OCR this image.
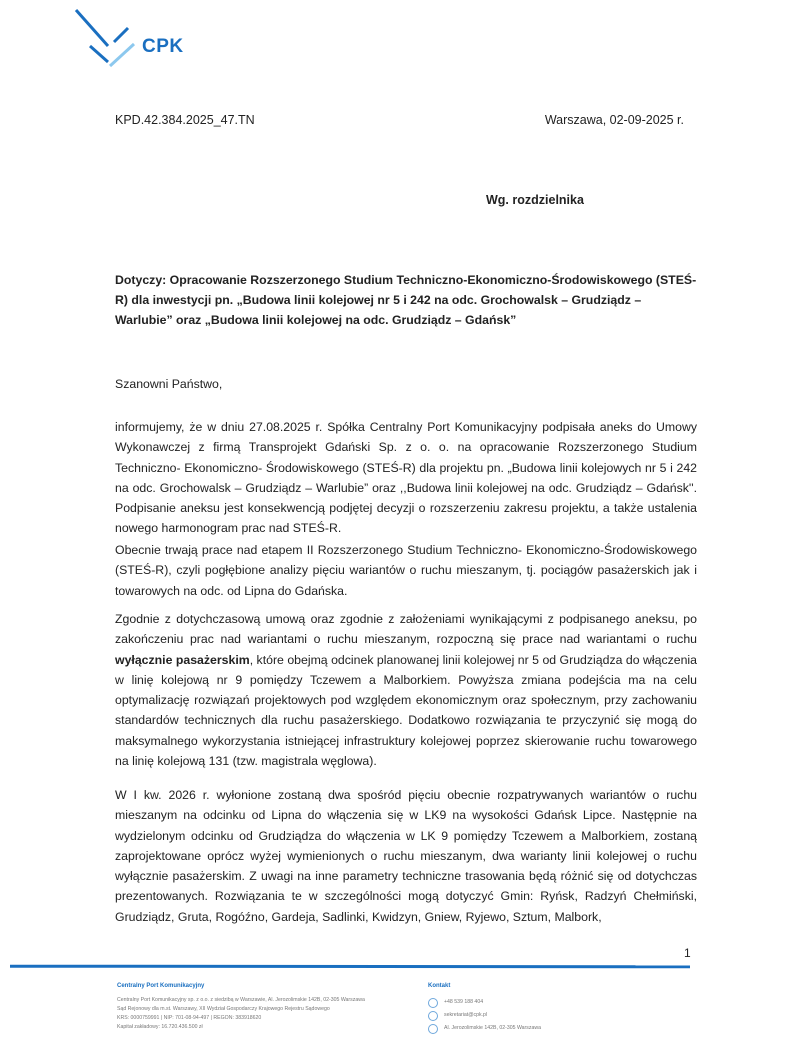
CPK
KPD.42.384.2025_47.TN	Warszawa, 02-09-2025 r.
Wg. rozdzielnika
Dotyczy: Opracowanie Rozszerzonego Studium Techniczno-Ekonomiczno-Środowiskowego (STEŚ-R) dla inwestycji pn. „Budowa linii kolejowej nr 5 i 242 na odc. Grochowalsk – Grudziądz – Warlubie” oraz „Budowa linii kolejowej na odc. Grudziądz – Gdańsk”
Szanowni Państwo,
informujemy, że w dniu 27.08.2025 r. Spółka Centralny Port Komunikacyjny podpisała aneks do Umowy Wykonawczej z firmą Transprojekt Gdański Sp. z o. o. na opracowanie Rozszerzonego Studium Techniczno- Ekonomiczno- Środowiskowego (STEŚ-R) dla projektu pn. „Budowa linii kolejowych nr 5 i 242 na odc. Grochowalsk – Grudziądz – Warlubie” oraz ,,Budowa linii kolejowej na odc. Grudziądz – Gdańsk''. Podpisanie aneksu jest konsekwencją podjętej decyzji o rozszerzeniu zakresu projektu, a także ustalenia nowego harmonogram prac nad STEŚ-R.
Obecnie trwają prace nad etapem II Rozszerzonego Studium Techniczno- Ekonomiczno-Środowiskowego (STEŚ-R), czyli pogłębione analizy pięciu wariantów o ruchu mieszanym, tj. pociągów pasażerskich jak i towarowych na odc. od Lipna do Gdańska.
Zgodnie z dotychczasową umową oraz zgodnie z założeniami wynikającymi z podpisanego aneksu, po zakończeniu prac nad wariantami o ruchu mieszanym, rozpoczną się prace nad wariantami o ruchu wyłącznie pasażerskim, które obejmą odcinek planowanej linii kolejowej nr 5 od Grudziądza do włączenia w linię kolejową nr 9 pomiędzy Tczewem a Malborkiem. Powyższa zmiana podejścia ma na celu optymalizację rozwiązań projektowych pod względem ekonomicznym oraz społecznym, przy zachowaniu standardów technicznych dla ruchu pasażerskiego. Dodatkowo rozwiązania te przyczynić się mogą do maksymalnego wykorzystania istniejącej infrastruktury kolejowej poprzez skierowanie ruchu towarowego na linię kolejową 131 (tzw. magistrala węglowa).
W I kw. 2026 r. wyłonione zostaną dwa spośród pięciu obecnie rozpatrywanych wariantów o ruchu mieszanym na odcinku od Lipna do włączenia się w LK9 na wysokości Gdańsk Lipce. Następnie na wydzielonym odcinku od Grudziądza do włączenia w LK 9 pomiędzy Tczewem a Malborkiem, zostaną zaprojektowane oprócz wyżej wymienionych o ruchu mieszanym, dwa warianty linii kolejowej o ruchu wyłącznie pasażerskim. Z uwagi na inne parametry techniczne trasowania będą różnić się od dotychczas prezentowanych. Rozwiązania te w szczególności mogą dotyczyć Gmin: Ryńsk, Radzyń Chełmiński, Grudziądz, Gruta, Rogóźno, Gardeja, Sadlinki, Kwidzyn, Gniew, Ryjewo, Sztum, Malbork,
1
Centralny Port Komunikacyjny
Centralny Port Komunikacyjny sp. z o.o. z siedzibą w Warszawie, Al. Jerozolimskie 142B, 02-305 Warszawa
Sąd Rejonowy dla m.st. Warszawy, XII Wydział Gospodarczy Krajowego Rejestru Sądowego
KRS: 0000759991 | NIP: 701-08-94-497 | REGON: 383918620
Kapitał zakładowy: 16.720.436.500 zł
Kontakt
+48 539 188 404
sekretariat@cpk.pl
Al. Jerozolimskie 142B, 02-305 Warszawa
